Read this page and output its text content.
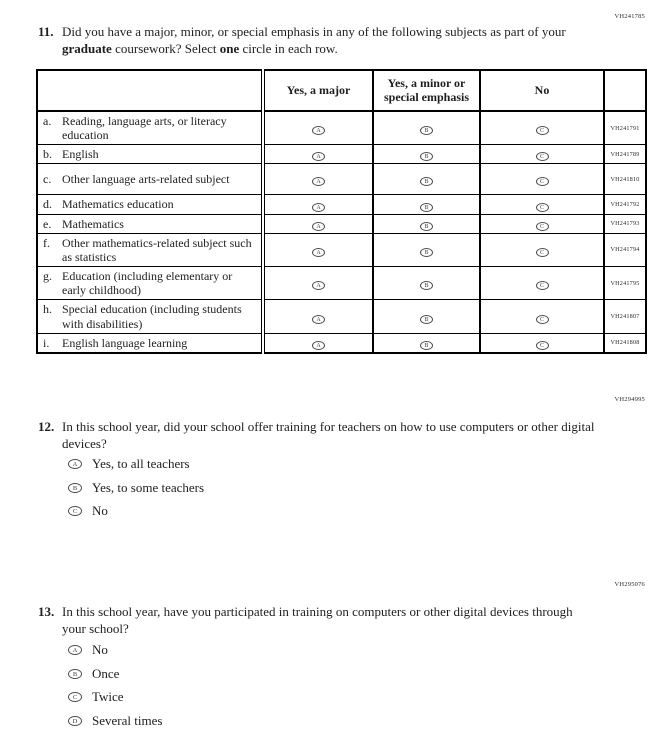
VH241785
11. Did you have a major, minor, or special emphasis in any of the following subjects as part of your graduate coursework? Select one circle in each row.
	Yes, a major	Yes, a minor or special emphasis	No	
a. Reading, language arts, or literacy education	A	B	C	VH241791
b. English	A	B	C	VH241789
c. Other language arts-related subject	A	B	C	VH241810
d. Mathematics education	A	B	C	VH241792
e. Mathematics	A	B	C	VH241793
f. Other mathematics-related subject such as statistics	A	B	C	VH241794
g. Education (including elementary or early childhood)	A	B	C	VH241795
h. Special education (including students with disabilities)	A	B	C	VH241807
i. English language learning	A	B	C	VH241808
VH294995
12. In this school year, did your school offer training for teachers on how to use computers or other digital devices?
A	Yes, to all teachers
B	Yes, to some teachers
C	No
VH295076
13. In this school year, have you participated in training on computers or other digital devices through your school?
A	No
B	Once
C	Twice
D	Several times
